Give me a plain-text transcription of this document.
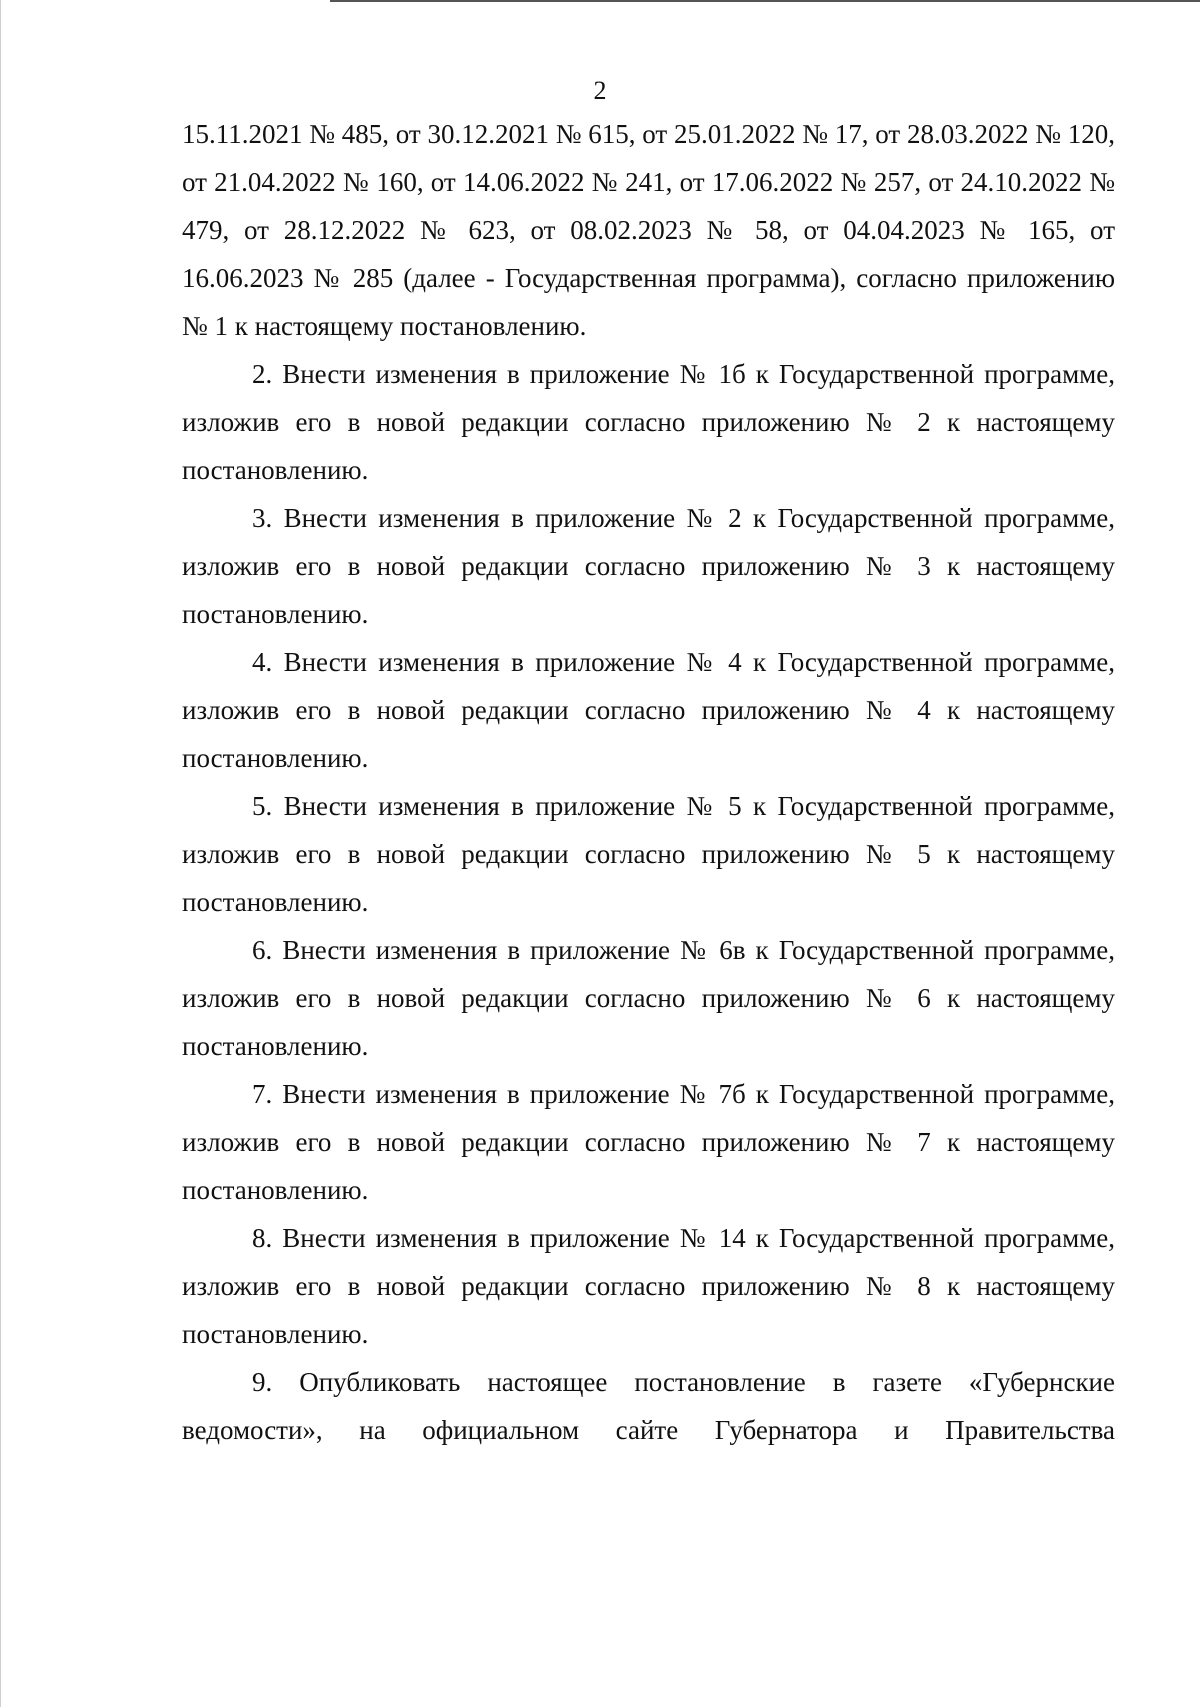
2

15.11.2021 № 485, от 30.12.2021 № 615, от 25.01.2022 № 17, от 28.03.2022 № 120, от 21.04.2022 № 160, от 14.06.2022 № 241, от 17.06.2022 № 257, от 24.10.2022 № 479, от 28.12.2022 № 623, от 08.02.2023 № 58, от 04.04.2023 № 165, от 16.06.2023 № 285 (далее - Государственная программа), согласно приложению № 1 к настоящему постановлению.

2. Внести изменения в приложение № 1б к Государственной программе, изложив его в новой редакции согласно приложению № 2 к настоящему постановлению.

3. Внести изменения в приложение № 2 к Государственной программе, изложив его в новой редакции согласно приложению № 3 к настоящему постановлению.

4. Внести изменения в приложение № 4 к Государственной программе, изложив его в новой редакции согласно приложению № 4 к настоящему постановлению.

5. Внести изменения в приложение № 5 к Государственной программе, изложив его в новой редакции согласно приложению № 5 к настоящему постановлению.

6. Внести изменения в приложение № 6в к Государственной программе, изложив его в новой редакции согласно приложению № 6 к настоящему постановлению.

7. Внести изменения в приложение № 7б к Государственной программе, изложив его в новой редакции согласно приложению № 7 к настоящему постановлению.

8. Внести изменения в приложение № 14 к Государственной программе, изложив его в новой редакции согласно приложению № 8 к настоящему постановлению.

9. Опубликовать настоящее постановление в газете «Губернские ведомости», на официальном сайте Губернатора и Правительства
